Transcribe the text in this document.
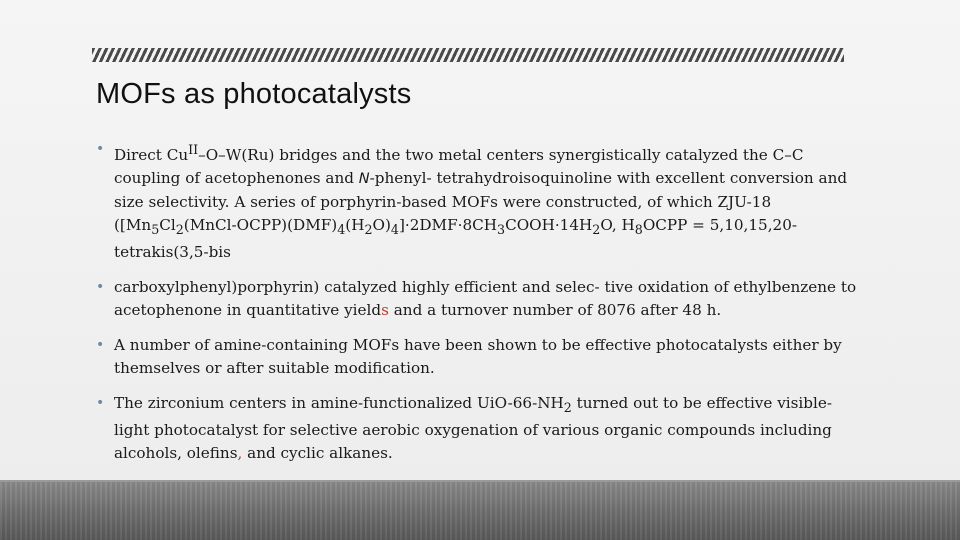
MOFs as photocatalysts
• Direct $Cu^{II}-O-W(Ru)$ bridges and the two metal centers synergistically catalyzed the C–C coupling of acetophenones and N-phenyl- tetrahydroisoquinoline with excellent conversion and size selectivity. A series of porphyrin-based MOFs were constructed, of which ZJU-18 ($[Mn_5Cl_2(MnCl-OCPP)(DMF)_4(H_2O)_4]\cdot 2DMF\cdot 8CH_3COOH\cdot 14H_2O$, $H_8OCPP$ = 5,10,15,20-tetrakis(3,5-bis
• carboxylphenyl)porphyrin) catalyzed highly efficient and selec- tive oxidation of ethylbenzene to acetophenone in quantitative yields and a turnover number of 8076 after 48 h.
• A number of amine-containing MOFs have been shown to be effective photocatalysts either by themselves or after suitable modification.
• The zirconium centers in amine-functionalized UiO-$66-NH_2$ turned out to be effective visible-light photocatalyst for selective aerobic oxygenation of various organic compounds including alcohols, olefins, and cyclic alkanes.
